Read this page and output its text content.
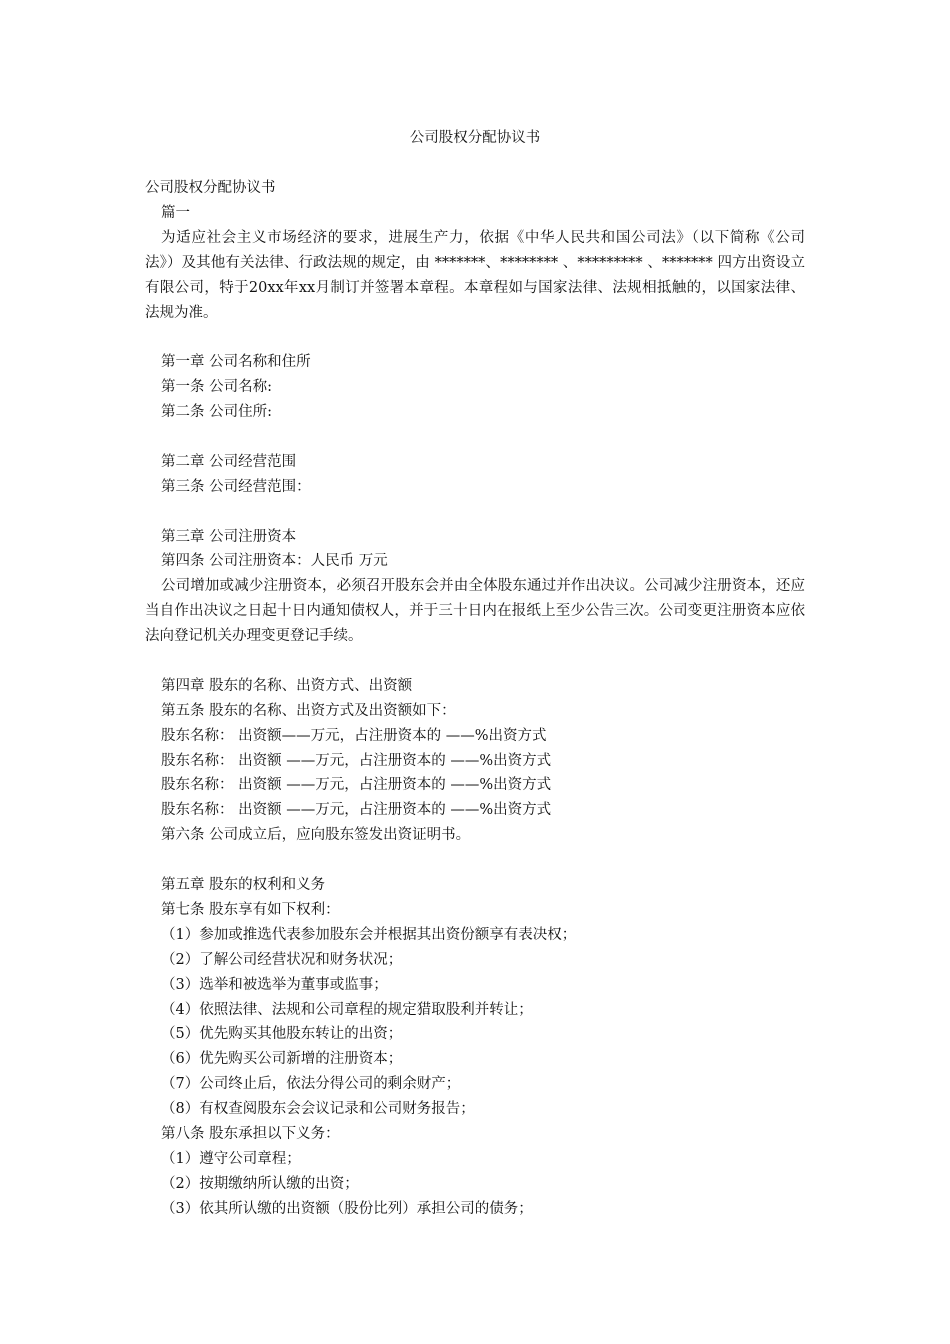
公司股权分配协议书

公司股权分配协议书

篇一

为适应社会主义市场经济的要求，进展生产力，依据《中华人民共和国公司法》（以下简称《公司法》）及其他有关法律、行政法规的规定，由 *******、******** 、********* 、******* 四方出资设立 有限公司，特于20xx年xx月制订并签署本章程。本章程如与国家法律、法规相抵触的，以国家法律、法规为准。

第一章 公司名称和住所

第一条 公司名称:

第二条 公司住所:

第二章 公司经营范围

第三条 公司经营范围：

第三章 公司注册资本

第四条 公司注册资本：人民币 万元

公司增加或减少注册资本，必须召开股东会并由全体股东通过并作出决议。公司减少注册资本，还应当自作出决议之日起十日内通知债权人，并于三十日内在报纸上至少公告三次。公司变更注册资本应依法向登记机关办理变更登记手续。

第四章 股东的名称、出资方式、出资额

第五条 股东的名称、出资方式及出资额如下：

股东名称： 出资额——万元，占注册资本的 ——%出资方式

股东名称： 出资额 ——万元，占注册资本的 ——%出资方式

股东名称： 出资额 ——万元，占注册资本的 ——%出资方式

股东名称： 出资额 ——万元，占注册资本的 ——%出资方式

第六条 公司成立后，应向股东签发出资证明书。

第五章 股东的权利和义务

第七条 股东享有如下权利：

（1）参加或推选代表参加股东会并根据其出资份额享有表决权；

（2）了解公司经营状况和财务状况；

（3）选举和被选举为董事或监事；

（4）依照法律、法规和公司章程的规定猎取股利并转让；

（5）优先购买其他股东转让的出资；

（6）优先购买公司新增的注册资本；

（7）公司终止后，依法分得公司的剩余财产；

（8）有权查阅股东会会议记录和公司财务报告；

第八条 股东承担以下义务：

（1）遵守公司章程；

（2）按期缴纳所认缴的出资；

（3）依其所认缴的出资额（股份比列）承担公司的债务；
